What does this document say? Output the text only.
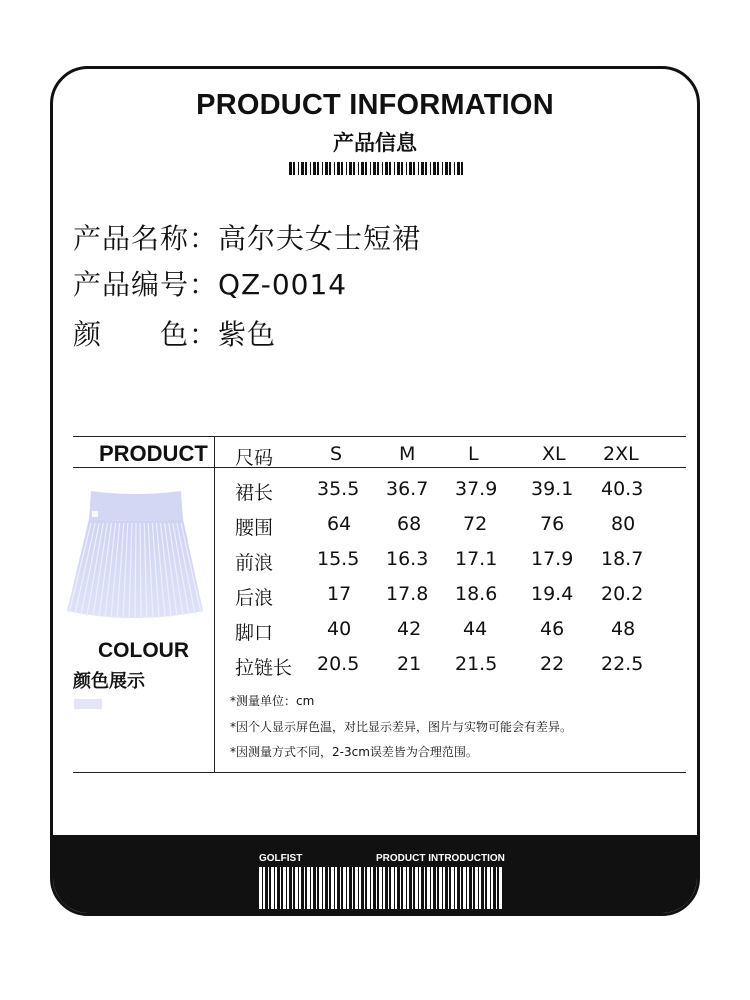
PRODUCT INFORMATION
产品信息
产品名称：高尔夫女士短裙
产品编号：QZ-0014
颜　　色：紫色
PRODUCT 尺码	S	M	L	XL 2XL
裙长 35.5 36.7 37.9 39.1 40.3
腰围	64 68 72	76 80
前浪 15.5 16.3 17.1 17.9 18.7
后浪	17 17.8 18.6 19.4 20.2
脚口	40 42 44	46 48
拉链长 20.5 21 21.5 22 22.5
*测量单位：cm
*因个人显示屏色温，对比显示差异，图片与实物可能会有差异。
*因测量方式不同，2-3cm误差皆为合理范围。
COLOUR
颜色展示
GOLFIST	PRODUCT INTRODUCTION
